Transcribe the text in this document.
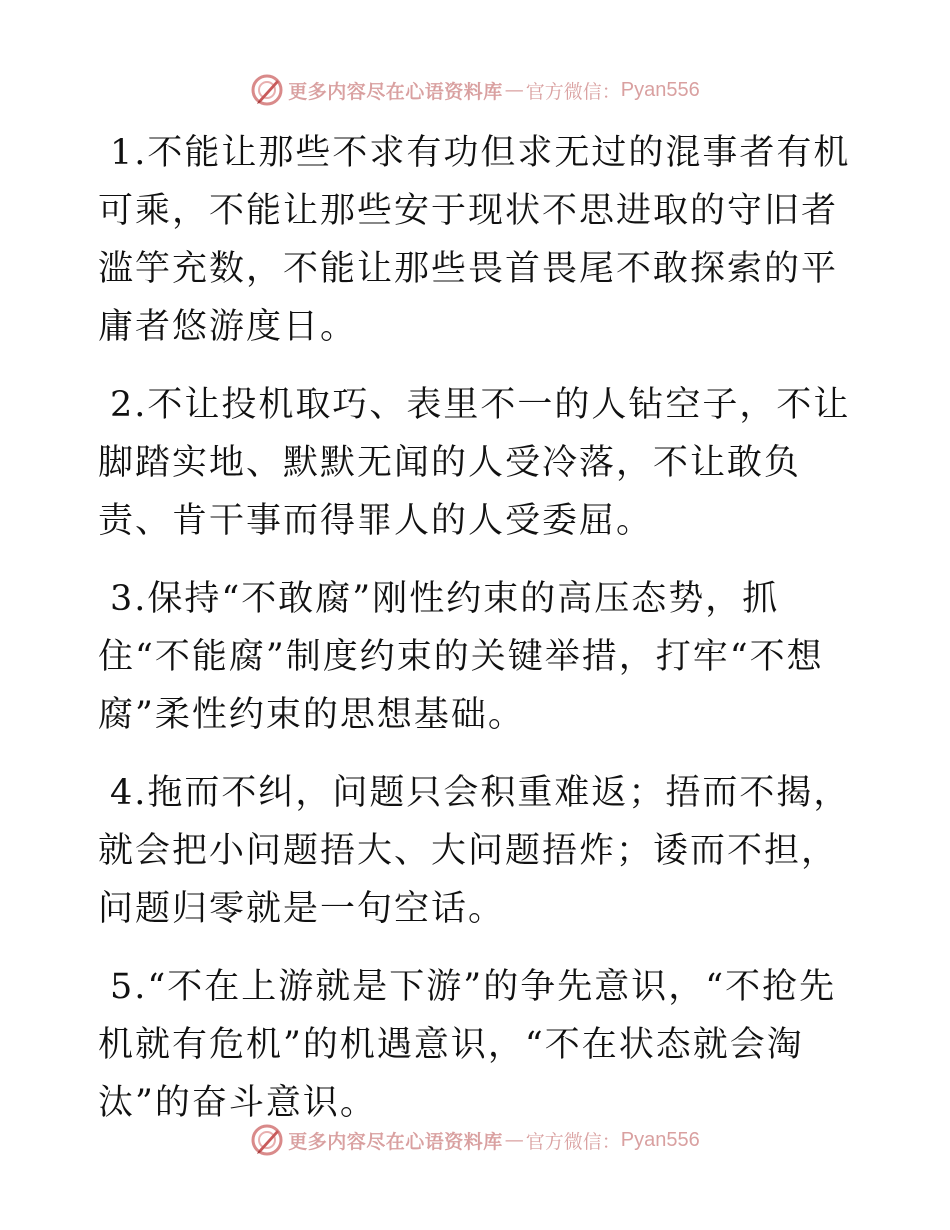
更多内容尽在心语资料库 — 官方微信： Pyan556

1.不能让那些不求有功但求无过的混事者有机可乘，不能让那些安于现状不思进取的守旧者滥竽充数，不能让那些畏首畏尾不敢探索的平庸者悠游度日。

2.不让投机取巧、表里不一的人钻空子，不让脚踏实地、默默无闻的人受冷落，不让敢负责、肯干事而得罪人的人受委屈。

3.保持“不敢腐”刚性约束的高压态势，抓住“不能腐”制度约束的关键举措，打牢“不想腐”柔性约束的思想基础。

4.拖而不纠，问题只会积重难返；捂而不揭，就会把小问题捂大、大问题捂炸；诿而不担，问题归零就是一句空话。

5.“不在上游就是下游”的争先意识，“不抢先机就有危机”的机遇意识，“不在状态就会淘汰”的奋斗意识。

更多内容尽在心语资料库 — 官方微信： Pyan556
